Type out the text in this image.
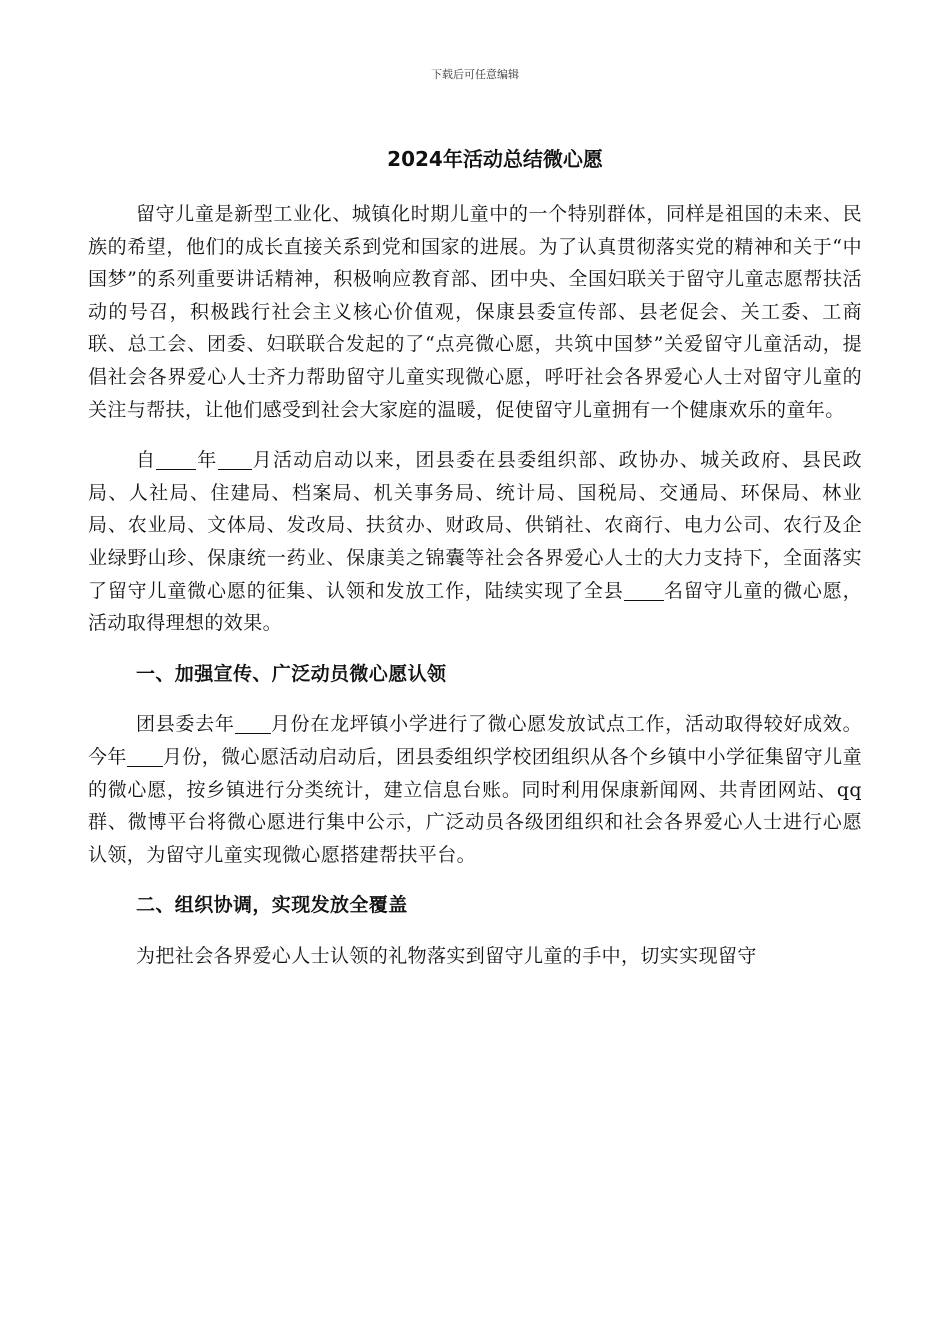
下载后可任意编辑
2024年活动总结微心愿

留守儿童是新型工业化、城镇化时期儿童中的一个特别群体，同样是祖国的未来、民族的希望，他们的成长直接关系到党和国家的进展。为了认真贯彻落实党的精神和关于“中国梦”的系列重要讲话精神，积极响应教育部、团中央、全国妇联关于留守儿童志愿帮扶活动的号召，积极践行社会主义核心价值观，保康县委宣传部、县老促会、关工委、工商联、总工会、团委、妇联联合发起的了“点亮微心愿，共筑中国梦”关爱留守儿童活动，提倡社会各界爱心人士齐力帮助留守儿童实现微心愿，呼吁社会各界爱心人士对留守儿童的关注与帮扶，让他们感受到社会大家庭的温暖，促使留守儿童拥有一个健康欢乐的童年。

自 年 月活动启动以来，团县委在县委组织部、政协办、城关政府、县民政局、人社局、住建局、档案局、机关事务局、统计局、国税局、交通局、环保局、林业局、农业局、文体局、发改局、扶贫办、财政局、供销社、农商行、电力公司、农行及企业绿野山珍、保康统一药业、保康美之锦囊等社会各界爱心人士的大力支持下，全面落实了留守儿童微心愿的征集、认领和发放工作，陆续实现了全县 名留守儿童的微心愿，活动取得理想的效果。

一、加强宣传、广泛动员微心愿认领

团县委去年 月份在龙坪镇小学进行了微心愿发放试点工作，活动取得较好成效。今年 月份，微心愿活动启动后，团县委组织学校团组织从各个乡镇中小学征集留守儿童的微心愿，按乡镇进行分类统计，建立信息台账。同时利用保康新闻网、共青团网站、qq群、微博平台将微心愿进行集中公示，广泛动员各级团组织和社会各界爱心人士进行心愿认领，为留守儿童实现微心愿搭建帮扶平台。

二、组织协调，实现发放全覆盖

为把社会各界爱心人士认领的礼物落实到留守儿童的手中，切实实现留守
